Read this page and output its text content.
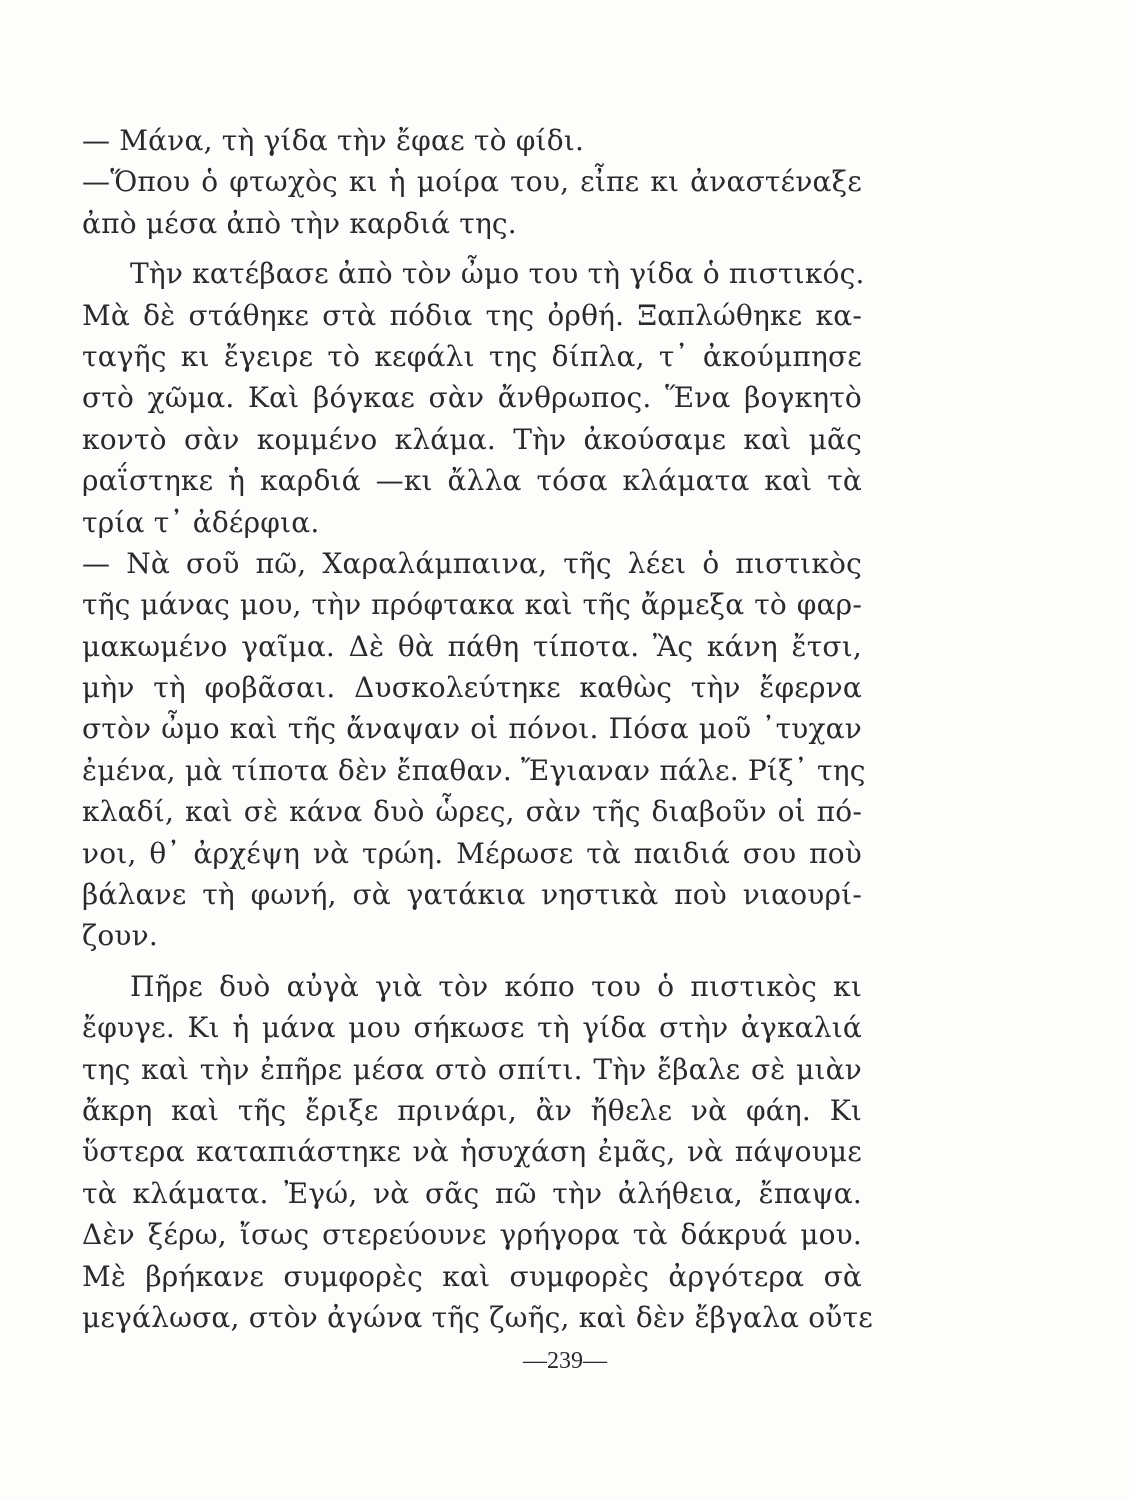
— Μάνα, τὴ γίδα τὴν ἔφαε τὸ φίδι.
—Ὅπου ὁ φτωχὸς κι ἡ μοίρα του, εἶπε κι ἀναστέναξε
ἀπὸ μέσα ἀπὸ τὴν καρδιά της.
Τὴν κατέβασε ἀπὸ τὸν ὦμο του τὴ γίδα ὁ πιστικός.
Μὰ δὲ στάθηκε στὰ πόδια της ὀρθή. Ξαπλώθηκε κα-
ταγῆς κι ἔγειρε τὸ κεφάλι της δίπλα, τ᾽ ἀκούμπησε
στὸ χῶμα. Καὶ βόγκαε σὰν ἄνθρωπος. Ἕνα βογκητὸ
κοντὸ σὰν κομμένο κλάμα. Τὴν ἀκούσαμε καὶ μᾶς
ραΐστηκε ἡ καρδιά —κι ἄλλα τόσα κλάματα καὶ τὰ
τρία τ᾽ ἀδέρφια.
— Νὰ σοῦ πῶ, Χαραλάμπαινα, τῆς λέει ὁ πιστικὸς
τῆς μάνας μου, τὴν πρόφτακα καὶ τῆς ἄρμεξα τὸ φαρ-
μακωμένο γαῖμα. Δὲ θὰ πάθη τίποτα. Ἂς κάνη ἔτσι,
μὴν τὴ φοβᾶσαι. Δυσκολεύτηκε καθὼς τὴν ἔφερνα
στὸν ὦμο καὶ τῆς ἄναψαν οἱ πόνοι. Πόσα μοῦ ᾿τυχαν
ἐμένα, μὰ τίποτα δὲν ἔπαθαν. Ἔγιαναν πάλε. Ρίξ᾽ της
κλαδί, καὶ σὲ κάνα δυὸ ὧρες, σὰν τῆς διαβοῦν οἱ πό-
νοι, θ᾽ ἀρχέψη νὰ τρώη. Μέρωσε τὰ παιδιά σου ποὺ
βάλανε τὴ φωνή, σὰ γατάκια νηστικὰ ποὺ νιαουρί-
ζουν.
Πῆρε δυὸ αὐγὰ γιὰ τὸν κόπο του ὁ πιστικὸς κι
ἔφυγε. Κι ἡ μάνα μου σήκωσε τὴ γίδα στὴν ἀγκαλιά
της καὶ τὴν ἐπῆρε μέσα στὸ σπίτι. Τὴν ἔβαλε σὲ μιὰν
ἄκρη καὶ τῆς ἔριξε πρινάρι, ἂν ἤθελε νὰ φάη. Κι
ὕστερα καταπιάστηκε νὰ ἡσυχάση ἐμᾶς, νὰ πάψουμε
τὰ κλάματα. Ἐγώ, νὰ σᾶς πῶ τὴν ἀλήθεια, ἔπαψα.
Δὲν ξέρω, ἴσως στερεύουνε γρήγορα τὰ δάκρυά μου.
Μὲ βρήκανε συμφορὲς καὶ συμφορὲς ἀργότερα σὰ
μεγάλωσα, στὸν ἀγώνα τῆς ζωῆς, καὶ δὲν ἔβγαλα οὔτε
—239—
